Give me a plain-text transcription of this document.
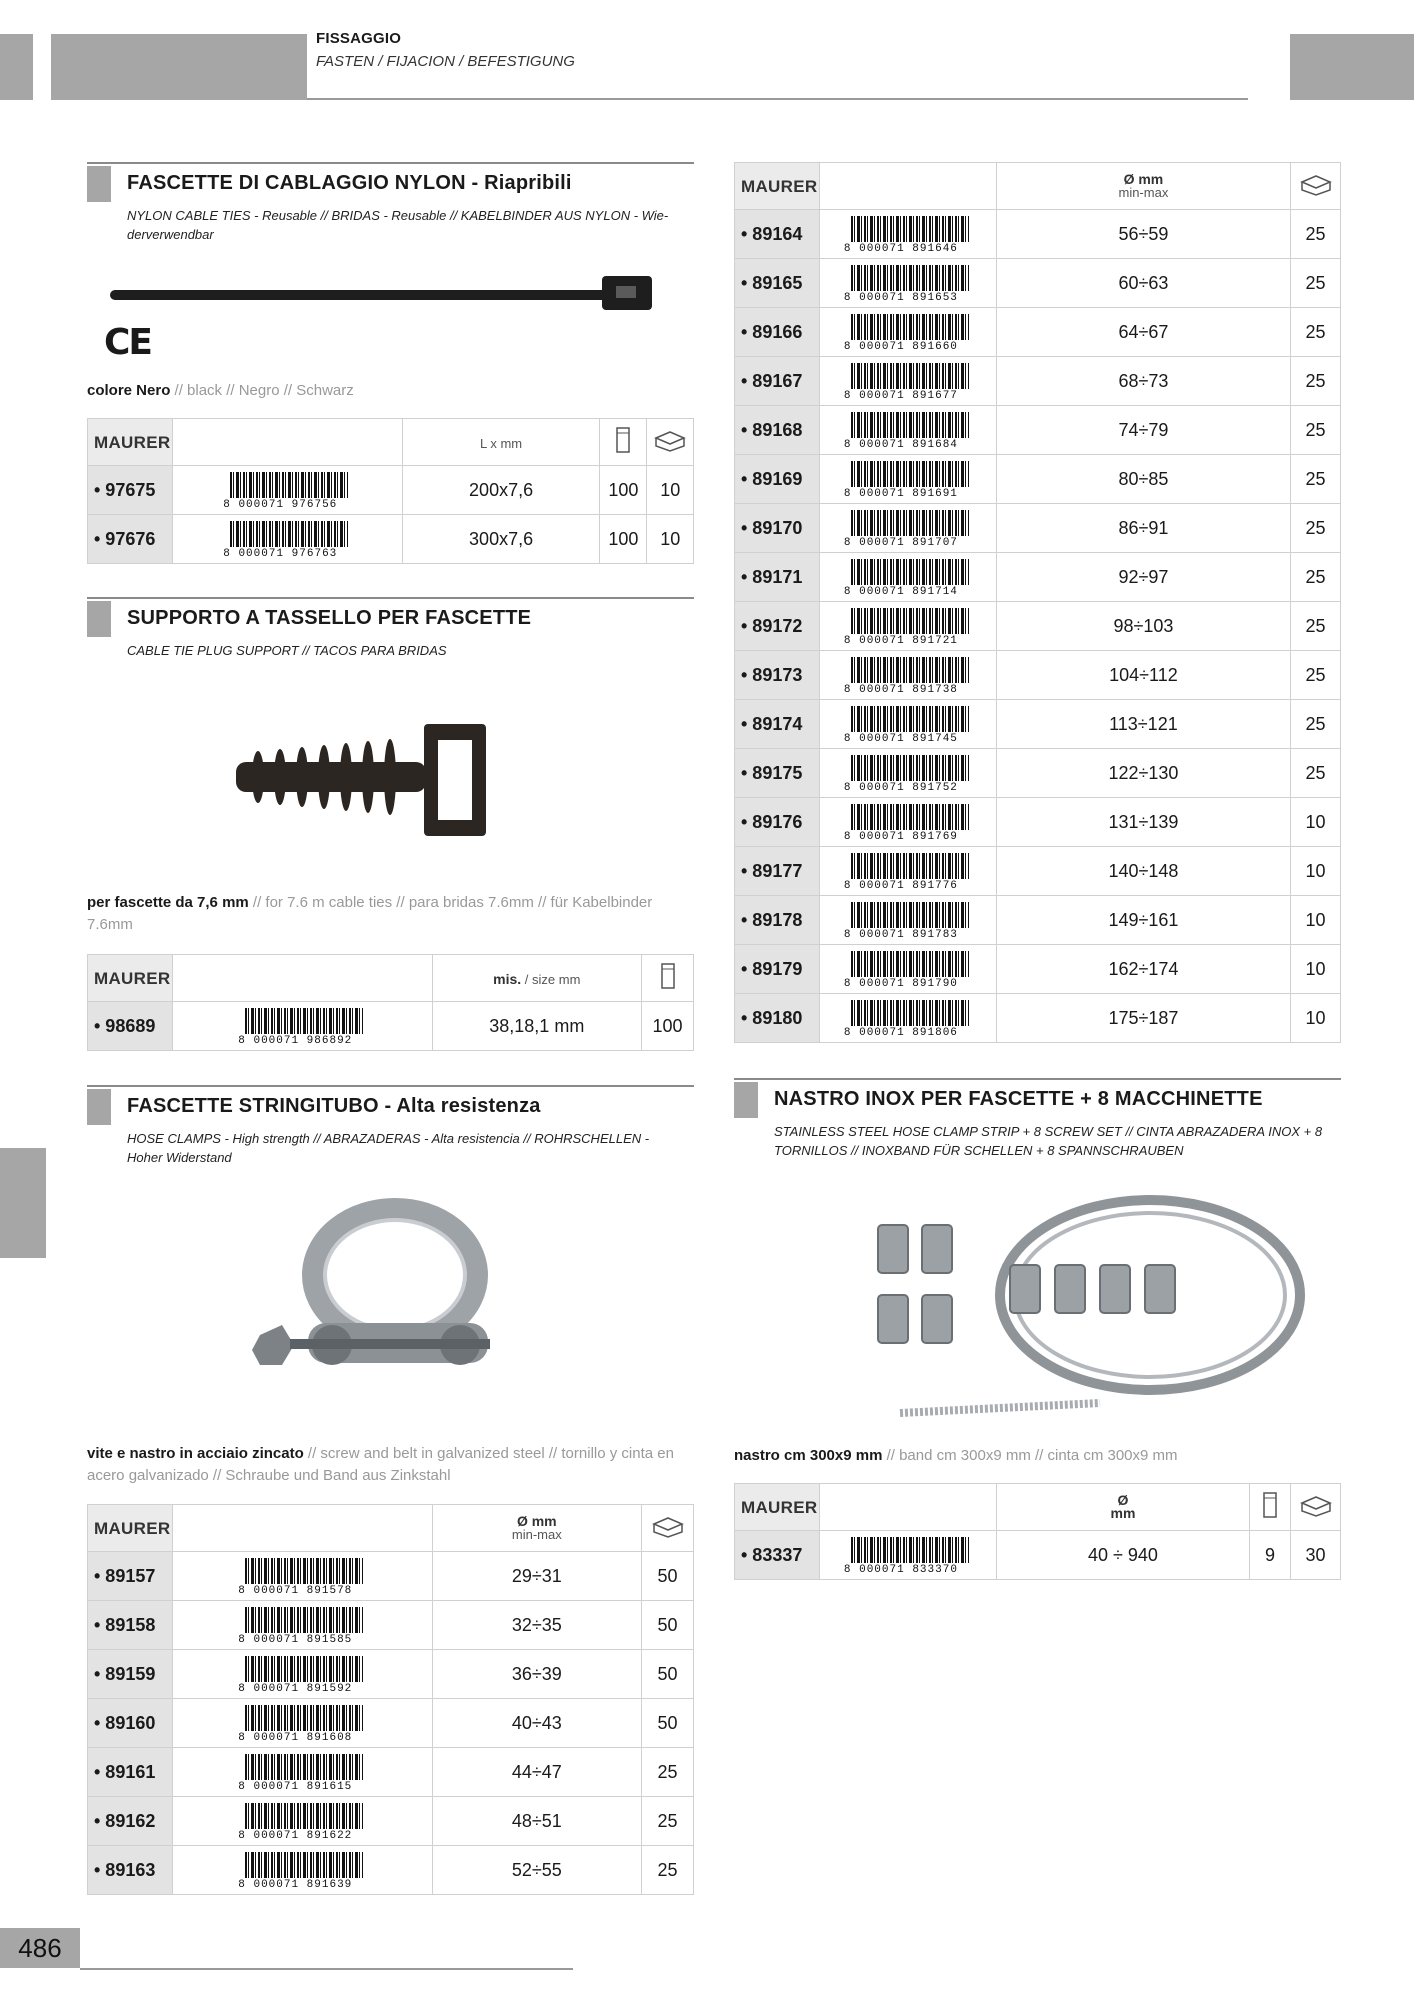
FISSAGGIO
FASTEN / FIJACION / BEFESTIGUNG
FASCETTE DI CABLAGGIO NYLON - Riapribili
NYLON CABLE TIES - Reusable // BRIDAS - Reusable // KABELBINDER AUS NYLON - Wie-derverwendbar
CE
colore Nero // black // Negro // Schwarz
MAURER		L x mm		
• 97675	8 000071 976756	200x7,6	100	10
• 97676	8 000071 976763	300x7,6	100	10
SUPPORTO A TASSELLO PER FASCETTE
CABLE TIE PLUG SUPPORT // TACOS PARA BRIDAS
per fascette da 7,6 mm // for 7.6 m cable ties // para bridas 7.6mm // für Kabelbinder 7.6mm
MAURER		mis. / size mm	
• 98689	8 000071 986892	38,18,1 mm	100
FASCETTE STRINGITUBO - Alta resistenza
HOSE CLAMPS - High strength // ABRAZADERAS - Alta resistencia // ROHRSCHELLEN - Hoher Widerstand
vite e nastro in acciaio zincato // screw and belt in galvanized steel // tornillo y cinta en acero galvanizado // Schraube und Band aus Zinkstahl
MAURER		Ø mm
min-max

• 89157	8 000071 891578	29÷31	50
• 89158	8 000071 891585	32÷35	50
• 89159	8 000071 891592	36÷39	50
• 89160	8 000071 891608	40÷43	50
• 89161	8 000071 891615	44÷47	25
• 89162	8 000071 891622	48÷51	25
• 89163	8 000071 891639	52÷55	25
MAURER		Ø mm
min-max

• 89164	8 000071 891646	56÷59	25
• 89165	8 000071 891653	60÷63	25
• 89166	8 000071 891660	64÷67	25
• 89167	8 000071 891677	68÷73	25
• 89168	8 000071 891684	74÷79	25
• 89169	8 000071 891691	80÷85	25
• 89170	8 000071 891707	86÷91	25
• 89171	8 000071 891714	92÷97	25
• 89172	8 000071 891721	98÷103	25
• 89173	8 000071 891738	104÷112	25
• 89174	8 000071 891745	113÷121	25
• 89175	8 000071 891752	122÷130	25
• 89176	8 000071 891769	131÷139	10
• 89177	8 000071 891776	140÷148	10
• 89178	8 000071 891783	149÷161	10
• 89179	8 000071 891790	162÷174	10
• 89180	8 000071 891806	175÷187	10
NASTRO INOX PER FASCETTE + 8 MACCHINETTE
STAINLESS STEEL HOSE CLAMP STRIP + 8 SCREW SET // CINTA ABRAZADERA INOX + 8 TORNILLOS // INOXBAND FÜR SCHELLEN + 8 SPANNSCHRAUBEN
nastro cm 300x9 mm // band cm 300x9 mm // cinta cm 300x9 mm
MAURER		Ø
mm

• 83337	8 000071 833370	40 ÷ 940	9	30
486
